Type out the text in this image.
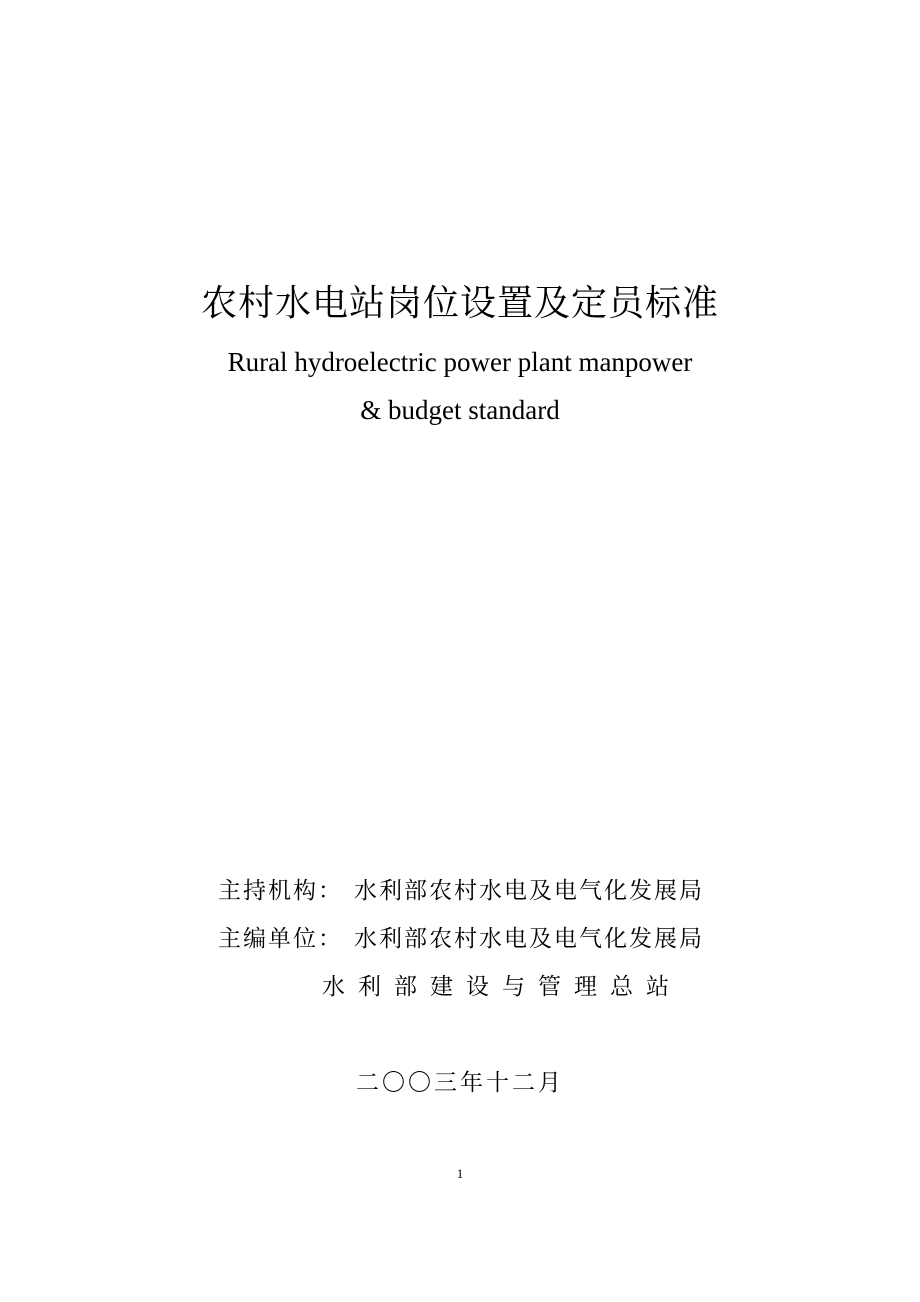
农村水电站岗位设置及定员标准
Rural hydroelectric power plant manpower
& budget standard
主持机构： 水利部农村水电及电气化发展局
主编单位： 水利部农村水电及电气化发展局
水利部建设与管理总站
二〇〇三年十二月
1
